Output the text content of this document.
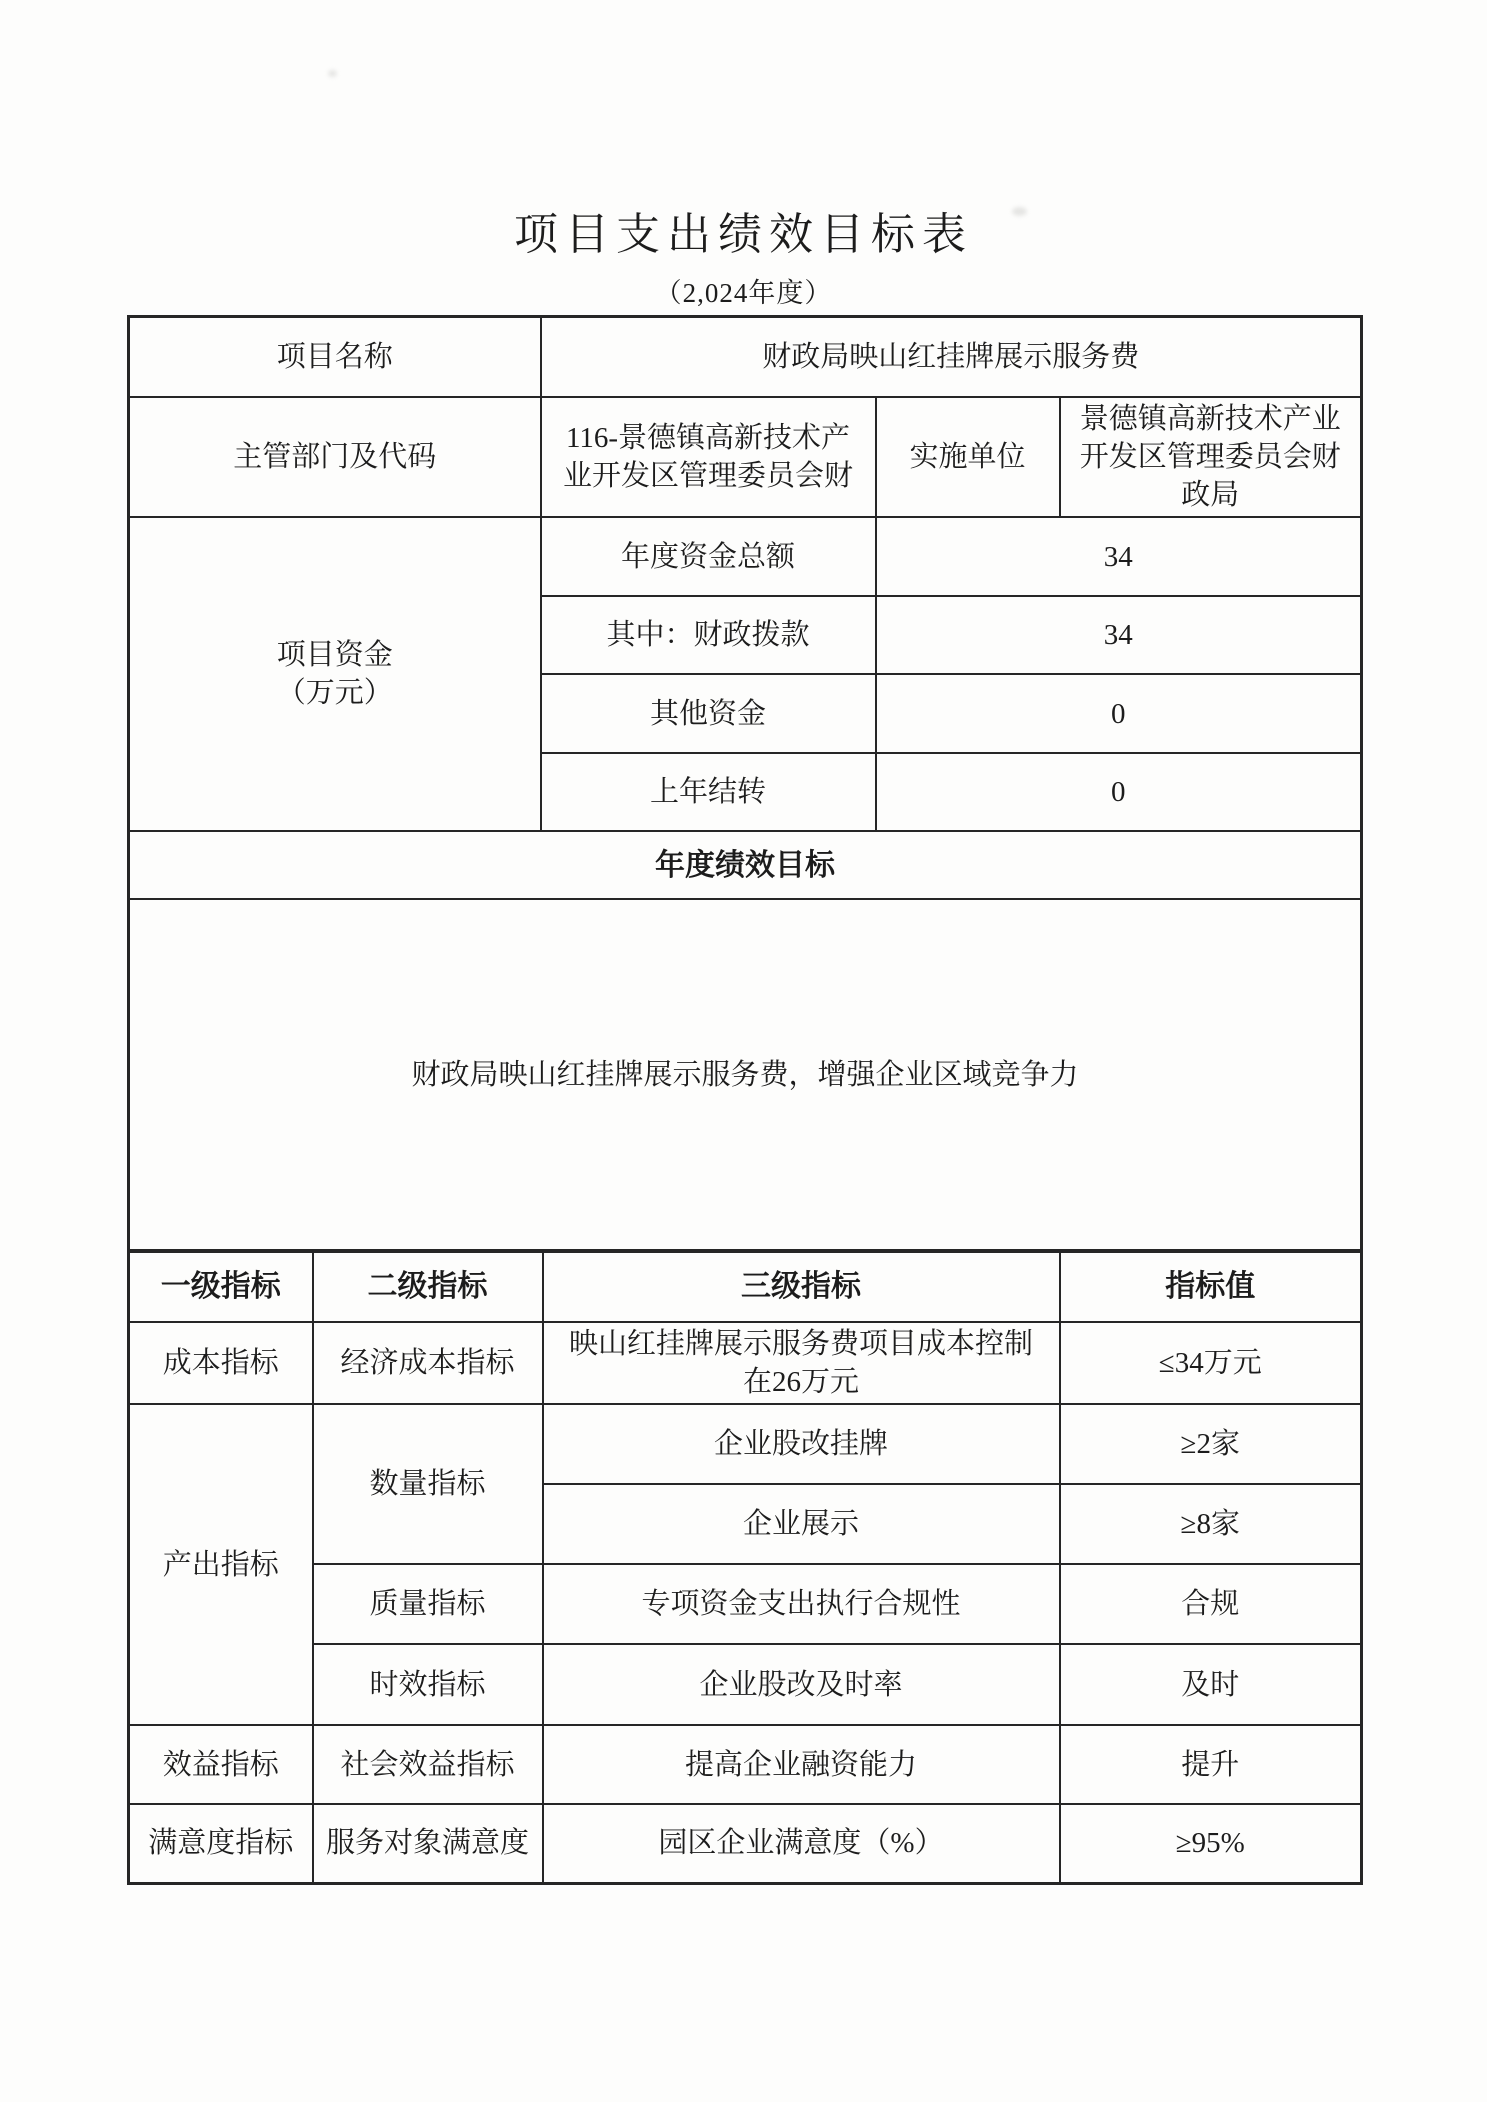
项目支出绩效目标表
（2,024年度）
项目名称	财政局映山红挂牌展示服务费		
主管部门及代码	116-景德镇高新技术产业开发区管理委员会财	实施单位	景德镇高新技术产业开发区管理委员会财政局

项目资金
（万元）	年度资金总额	34	
	其中：财政拨款	34	
	其他资金	0	
	上年结转	0	
年度绩效目标			
财政局映山红挂牌展示服务费，增强企业区域竞争力			
一级指标	二级指标	三级指标	指标值
成本指标	经济成本指标	映山红挂牌展示服务费项目成本控制在26万元	≤34万元
产出指标	数量指标	企业股改挂牌	≥2家
		企业展示	≥8家
	质量指标	专项资金支出执行合规性	合规
	时效指标	企业股改及时率	及时
效益指标	社会效益指标	提高企业融资能力	提升
满意度指标	服务对象满意度	园区企业满意度（%）	≥95%
